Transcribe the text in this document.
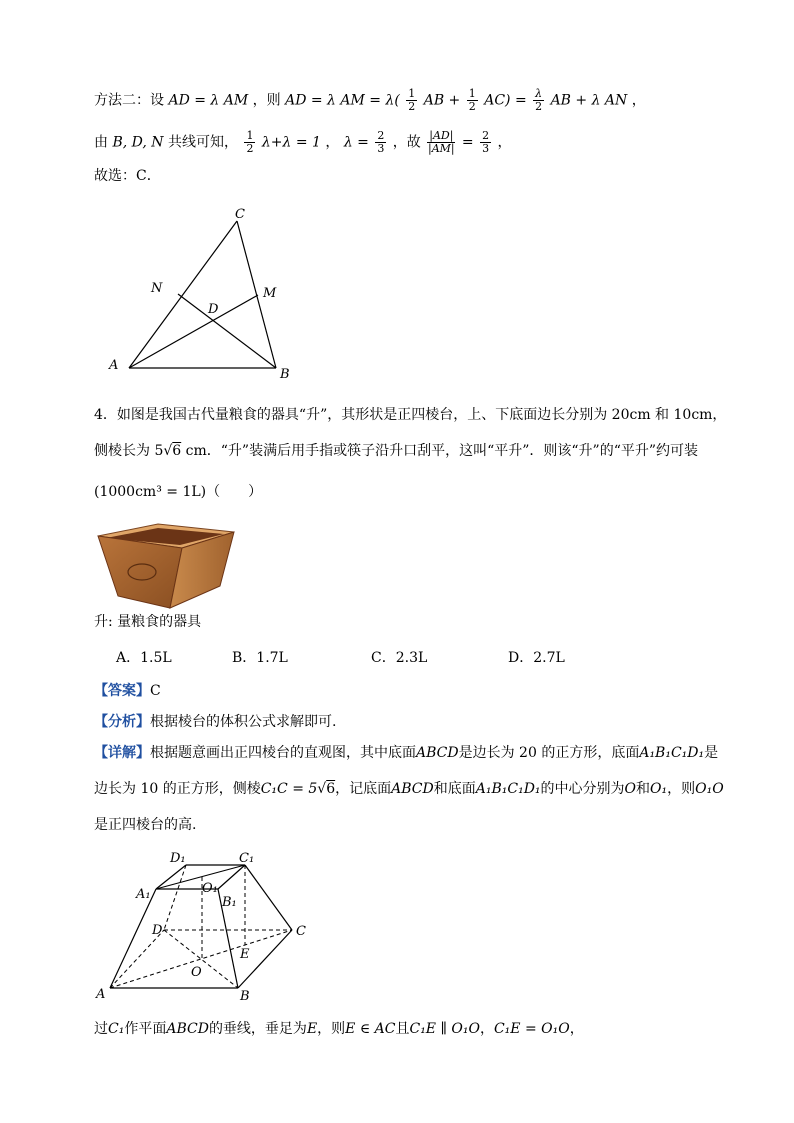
方法二：设 AD = λ AM ，则 AD = λ AM = $\lambda( \frac{1}{2}$ AB + $\frac{1}{2} AC) = \frac{\lambda}{2}$ AB + λ AN ，
由 B, D, N 共线可知， $\frac{1}{2} \lambda+\lambda = 1$ ， $\lambda = \frac{2}{3}$ ，故 $\frac{|AD|}{|AM|} = \frac{2}{3}$ ，
故选：C．
C
N	M
D
A
B
4．如图是我国古代量粮食的器具“升”，其形状是正四棱台，上、下底面边长分别为 20cm 和 10cm，
侧棱长为 5√6 cm．“升”装满后用手指或筷子沿升口刮平，这叫“平升”．则该“升”的“平升”约可装
(1000cm³ = 1L)（　　）
升: 量粮食的器具
A．1.5L	B．1.7L	C．2.3L	D．2.7L
【答案】C
【分析】根据棱台的体积公式求解即可.
【详解】根据题意画出正四棱台的直观图，其中底面ABCD是边长为 20 的正方形，底面A₁B₁C₁D₁是
边长为 10 的正方形，侧棱C₁C = 5√6，记底面ABCD和底面A₁B₁C₁D₁的中心分别为O和O₁，则O₁O
是正四棱台的高.
D₁	C₁
A₁	O₁
B₁
D	C
E
O
A	B
过C₁作平面ABCD的垂线，垂足为E，则E ∈ AC且C₁E ∥ O₁O，C₁E = O₁O，
